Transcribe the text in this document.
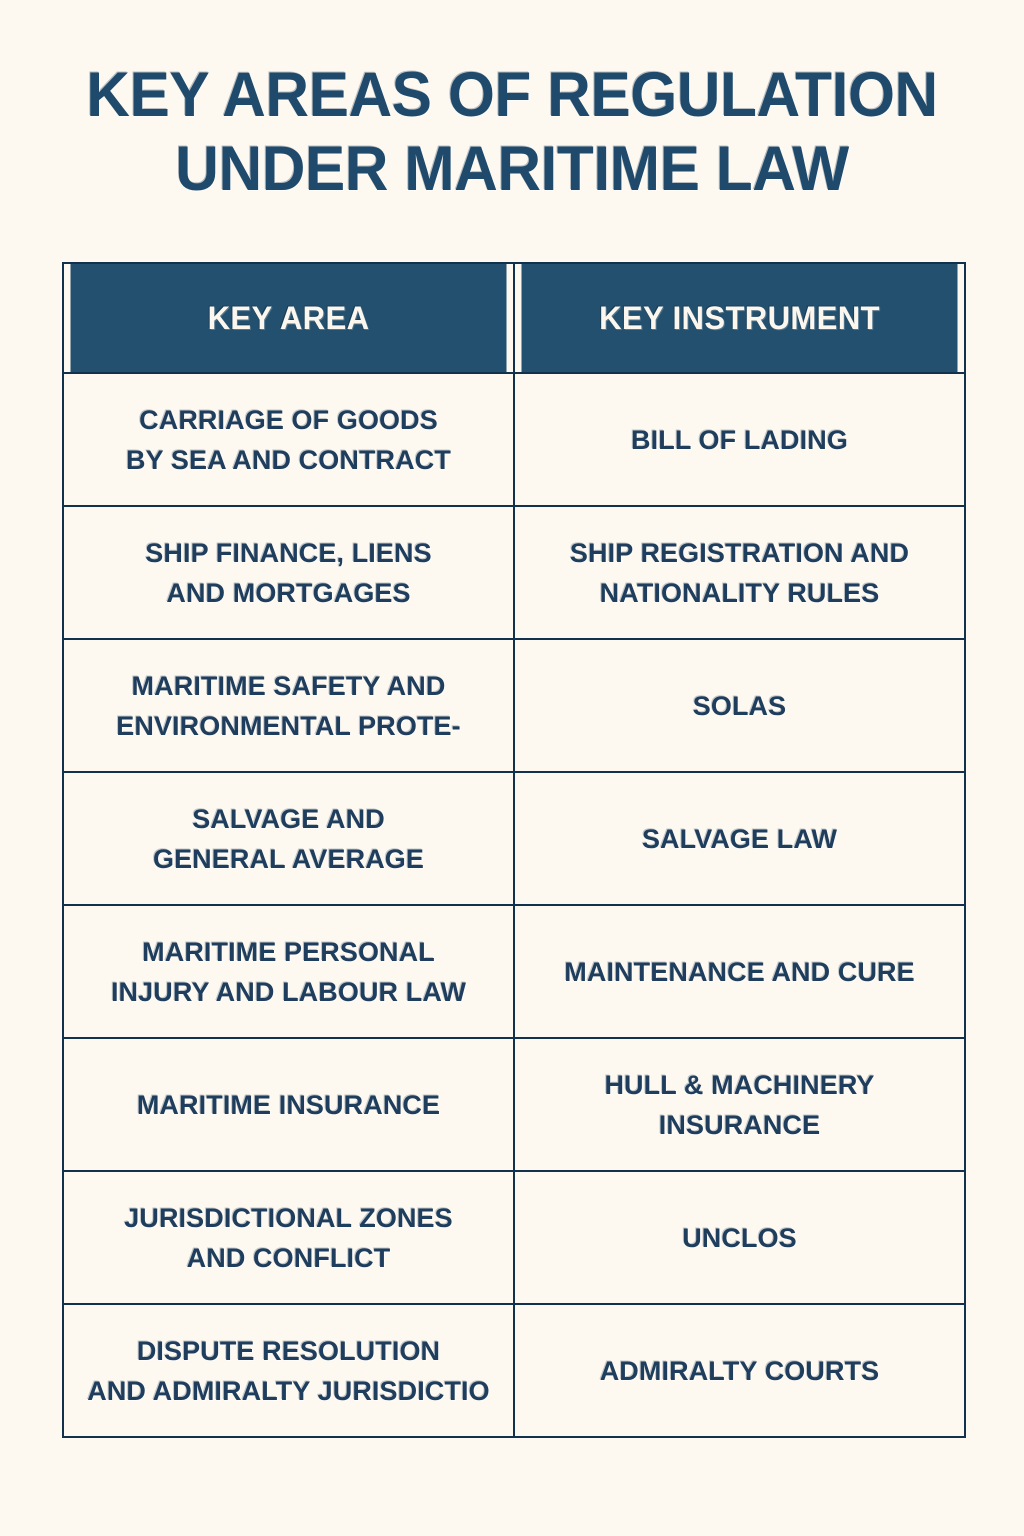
KEY AREAS OF REGULATION
UNDER MARITIME LAW
KEY AREA	KEY INSTRUMENT

CARRIAGE OF GOODS
BY SEA AND CONTRACT	BILL OF LADING

SHIP FINANCE, LIENS
AND MORTGAGES	SHIP REGISTRATION AND
NATIONALITY RULES

MARITIME SAFETY AND
ENVIRONMENTAL PROTE-	SOLAS

SALVAGE AND
GENERAL AVERAGE	SALVAGE LAW

MARITIME PERSONAL
INJURY AND LABOUR LAW	MAINTENANCE AND CURE

MARITIME INSURANCE	HULL & MACHINERY
INSURANCE

JURISDICTIONAL ZONES
AND CONFLICT	UNCLOS

DISPUTE RESOLUTION
AND ADMIRALTY JURISDICTIO	ADMIRALTY COURTS
